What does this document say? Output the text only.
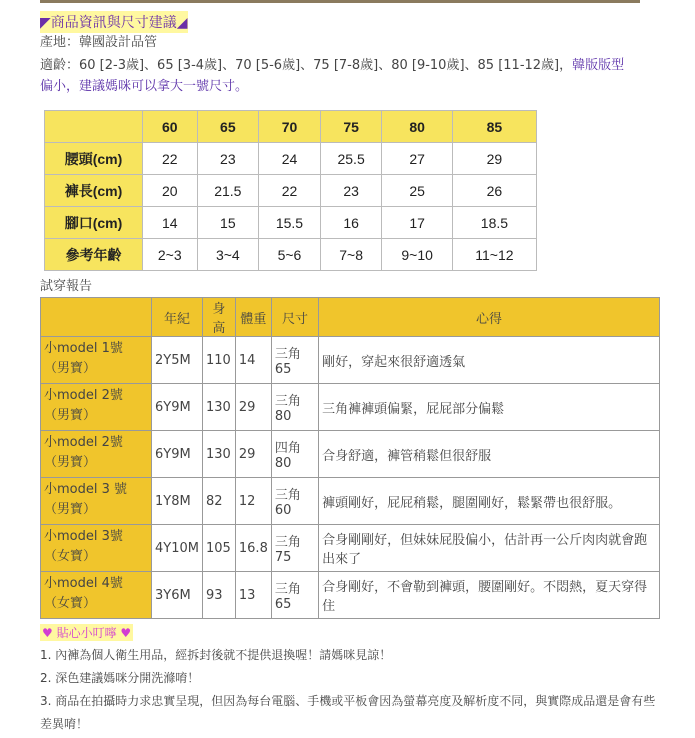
◤商品資訊與尺寸建議◢
產地：韓國設計品管
適齡：60 [2-3歲]、65 [3-4歲]、70 [5-6歲]、75 [7-8歲]、80 [9-10歲]、85 [11-12歲]，韓版版型
偏小，建議媽咪可以拿大一號尺寸。
	60	65	70	75	80	85
腰頭(cm)	22	23	24	25.5	27	29
褲長(cm)	20	21.5	22	23	25	26
腳口(cm)	14	15	15.5	16	17	18.5
參考年齡	2~3	3~4	5~6	7~8	9~10	11~12
試穿報告
	年紀	身高	體重	尺寸	心得
小model 1號（男寶）	2Y5M	110	14	三角65	剛好，穿起來很舒適透氣
小model 2號（男寶）	6Y9M	130	29	三角80	三角褲褲頭偏緊，屁屁部分偏鬆
小model 2號（男寶）	6Y9M	130	29	四角80	合身舒適，褲管稍鬆但很舒服
小model 3 號（男寶）	1Y8M	82	12	三角60	褲頭剛好，屁屁稍鬆，腿圍剛好，鬆緊帶也很舒服。
小model 3號（女寶）	4Y10M	105	16.8	三角75	合身剛剛好，但妹妹屁股偏小，估計再一公斤肉肉就會跑出來了
小model 4號（女寶）	3Y6M	93	13	三角65	合身剛好，不會勒到褲頭，腰圍剛好。不悶熱，夏天穿得住
♥ 貼心小叮嚀 ♥
1. 內褲為個人衛生用品，經拆封後就不提供退換喔！請媽咪見諒！
2. 深色建議媽咪分開洗滌唷！
3. 商品在拍攝時力求忠實呈現，但因為每台電腦、手機或平板會因為螢幕亮度及解析度不同，與實際成品還是會有些差異唷！
